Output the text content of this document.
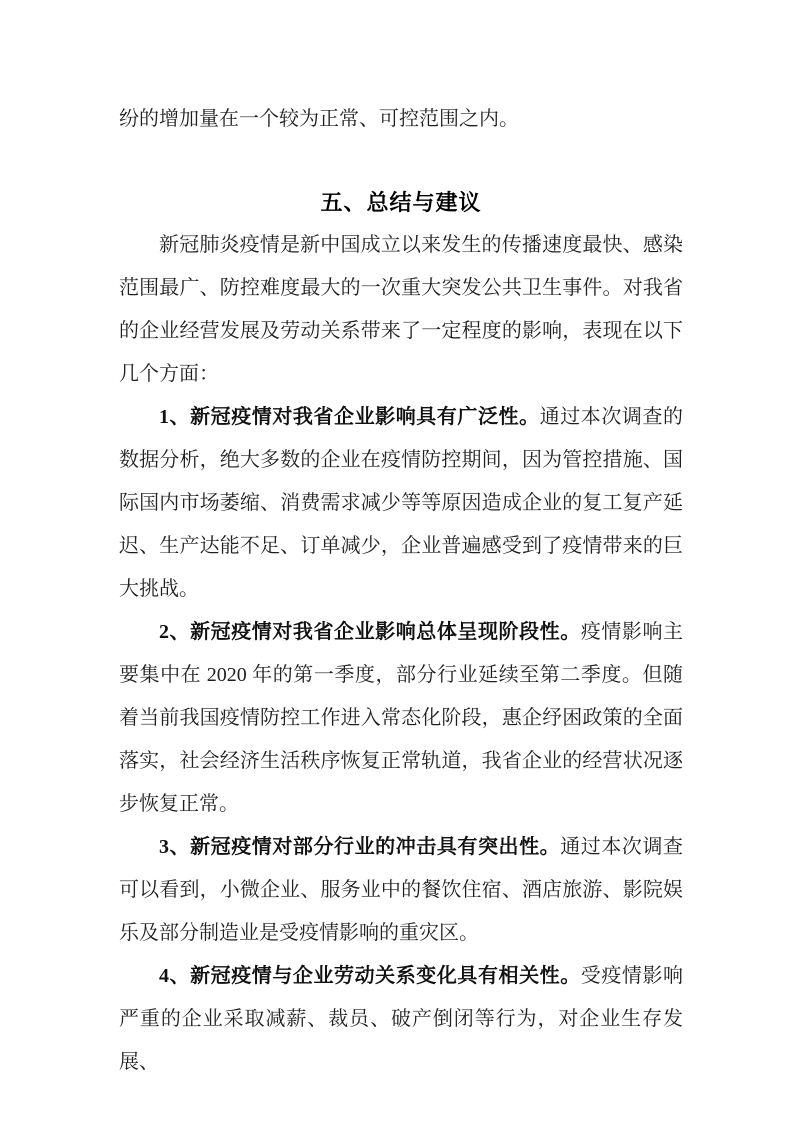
纷的增加量在一个较为正常、可控范围之内。

五、总结与建议

新冠肺炎疫情是新中国成立以来发生的传播速度最快、感染范围最广、防控难度最大的一次重大突发公共卫生事件。对我省的企业经营发展及劳动关系带来了一定程度的影响，表现在以下几个方面：

1、新冠疫情对我省企业影响具有广泛性。通过本次调查的数据分析，绝大多数的企业在疫情防控期间，因为管控措施、国际国内市场萎缩、消费需求减少等等原因造成企业的复工复产延迟、生产达能不足、订单减少，企业普遍感受到了疫情带来的巨大挑战。

2、新冠疫情对我省企业影响总体呈现阶段性。疫情影响主要集中在 2020 年的第一季度，部分行业延续至第二季度。但随着当前我国疫情防控工作进入常态化阶段，惠企纾困政策的全面落实，社会经济生活秩序恢复正常轨道，我省企业的经营状况逐步恢复正常。

3、新冠疫情对部分行业的冲击具有突出性。通过本次调查可以看到，小微企业、服务业中的餐饮住宿、酒店旅游、影院娱乐及部分制造业是受疫情影响的重灾区。

4、新冠疫情与企业劳动关系变化具有相关性。受疫情影响严重的企业采取减薪、裁员、破产倒闭等行为，对企业生存发展、
